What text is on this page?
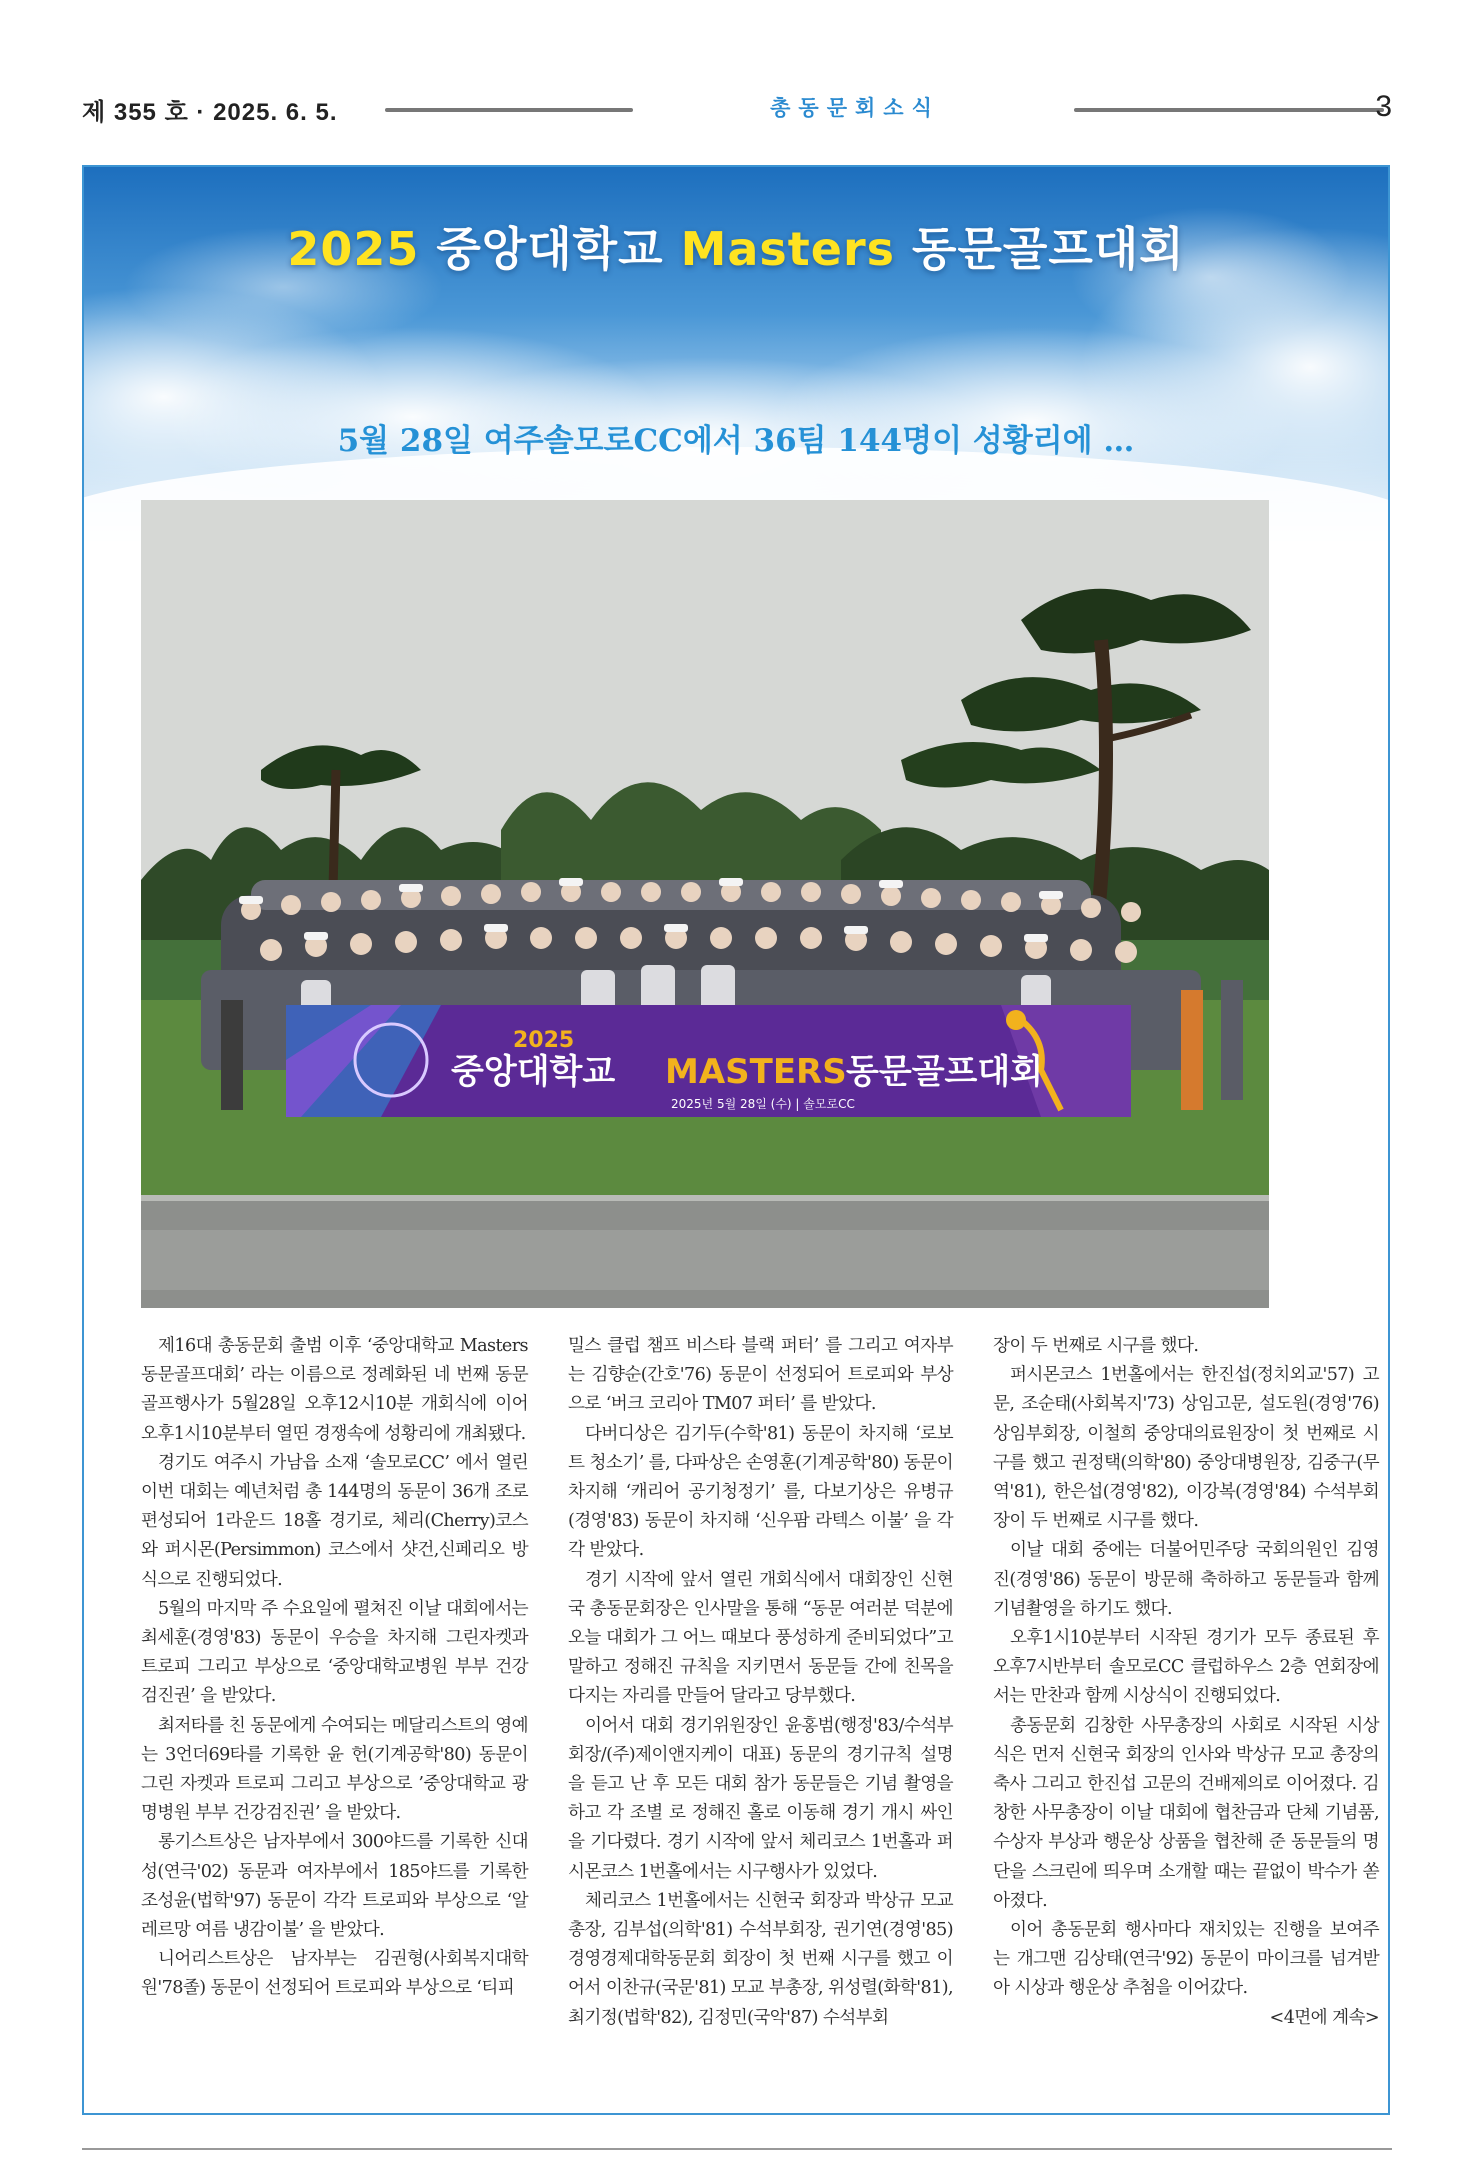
제 355 호 · 2025. 6. 5.	총동문회소식	3
2025 중앙대학교 Masters 동문골프대회
5월 28일 여주솔모로CC에서 36팀 144명이 성황리에 …
2025
중앙대학교 MASTERS 동문골프대회
2025년 5월 28일 (수) | 솔모로CC

제16대 총동문회 출범 이후 ‘중앙대학교 Masters 동문골프대회’ 라는 이름으로 정례화된 네 번째 동문 골프행사가 5월28일 오후12시10분 개회식에 이어 오후1시10분부터 열띤 경쟁속에 성황리에 개최됐다.

경기도 여주시 가남읍 소재 ‘솔모로CC’ 에서 열린 이번 대회는 예년처럼 총 144명의 동문이 36개 조로 편성되어 1라운드 18홀 경기로, 체리(Cherry)코스와 퍼시몬(Persimmon) 코스에서 샷건,신페리오 방식으로 진행되었다.

5월의 마지막 주 수요일에 펼쳐진 이날 대회에서는 최세훈(경영'83) 동문이 우승을 차지해 그린자켓과 트로피 그리고 부상으로 ‘중앙대학교병원 부부 건강검진권’ 을 받았다.

최저타를 친 동문에게 수여되는 메달리스트의 영예는 3언더69타를 기록한 윤 헌(기계공학'80) 동문이 그린 자켓과 트로피 그리고 부상으로 ’중앙대학교 광명병원 부부 건강검진권’ 을 받았다.

롱기스트상은 남자부에서 300야드를 기록한 신대성(연극'02) 동문과 여자부에서 185야드를 기록한 조성윤(법학'97) 동문이 각각 트로피와 부상으로 ‘알레르망 여름 냉감이불’ 을 받았다.

니어리스트상은 남자부는 김권형(사회복지대학원'78졸) 동문이 선정되어 트로피와 부상으로 ‘티피

밀스 클럽 챔프 비스타 블랙 퍼터’ 를 그리고 여자부는 김향순(간호'76) 동문이 선정되어 트로피와 부상으로 ‘버크 코리아 TM07 퍼터’ 를 받았다.

다버디상은 김기두(수학'81) 동문이 차지해 ‘로보트 청소기’ 를, 다파상은 손영훈(기계공학'80) 동문이 차지해 ‘캐리어 공기청정기’ 를, 다보기상은 유병규(경영'83) 동문이 차지해 ‘신우팜 라텍스 이불’ 을 각각 받았다.

경기 시작에 앞서 열린 개회식에서 대회장인 신현국 총동문회장은 인사말을 통해 “동문 여러분 덕분에 오늘 대회가 그 어느 때보다 풍성하게 준비되었다”고 말하고 정해진 규칙을 지키면서 동문들 간에 친목을 다지는 자리를 만들어 달라고 당부했다.

이어서 대회 경기위원장인 윤홍범(행정'83/수석부회장/(주)제이앤지케이 대표) 동문의 경기규칙 설명을 듣고 난 후 모든 대회 참가 동문들은 기념 촬영을 하고 각 조별 로 정해진 홀로 이동해 경기 개시 싸인을 기다렸다. 경기 시작에 앞서 체리코스 1번홀과 퍼시몬코스 1번홀에서는 시구행사가 있었다.

체리코스 1번홀에서는 신현국 회장과 박상규 모교 총장, 김부섭(의학'81) 수석부회장, 권기연(경영'85) 경영경제대학동문회 회장이 첫 번째 시구를 했고 이어서 이찬규(국문'81) 모교 부총장, 위성렬(화학'81), 최기정(법학'82), 김정민(국악'87) 수석부회

장이 두 번째로 시구를 했다.

퍼시몬코스 1번홀에서는 한진섭(정치외교'57) 고문, 조순태(사회복지'73) 상임고문, 설도원(경영'76) 상임부회장, 이철희 중앙대의료원장이 첫 번째로 시구를 했고 권정택(의학'80) 중앙대병원장, 김중구(무역'81), 한은섭(경영'82), 이강복(경영'84) 수석부회장이 두 번째로 시구를 했다.

이날 대회 중에는 더불어민주당 국회의원인 김영진(경영'86) 동문이 방문해 축하하고 동문들과 함께 기념촬영을 하기도 했다.

오후1시10분부터 시작된 경기가 모두 종료된 후 오후7시반부터 솔모로CC 클럽하우스 2층 연회장에서는 만찬과 함께 시상식이 진행되었다.

총동문회 김창한 사무총장의 사회로 시작된 시상식은 먼저 신현국 회장의 인사와 박상규 모교 총장의 축사 그리고 한진섭 고문의 건배제의로 이어졌다. 김창한 사무총장이 이날 대회에 협찬금과 단체 기념품, 수상자 부상과 행운상 상품을 협찬해 준 동문들의 명단을 스크린에 띄우며 소개할 때는 끝없이 박수가 쏟아졌다.

이어 총동문회 행사마다 재치있는 진행을 보여주는 개그맨 김상태(연극'92) 동문이 마이크를 넘겨받아 시상과 행운상 추첨을 이어갔다.

<4면에 계속>
